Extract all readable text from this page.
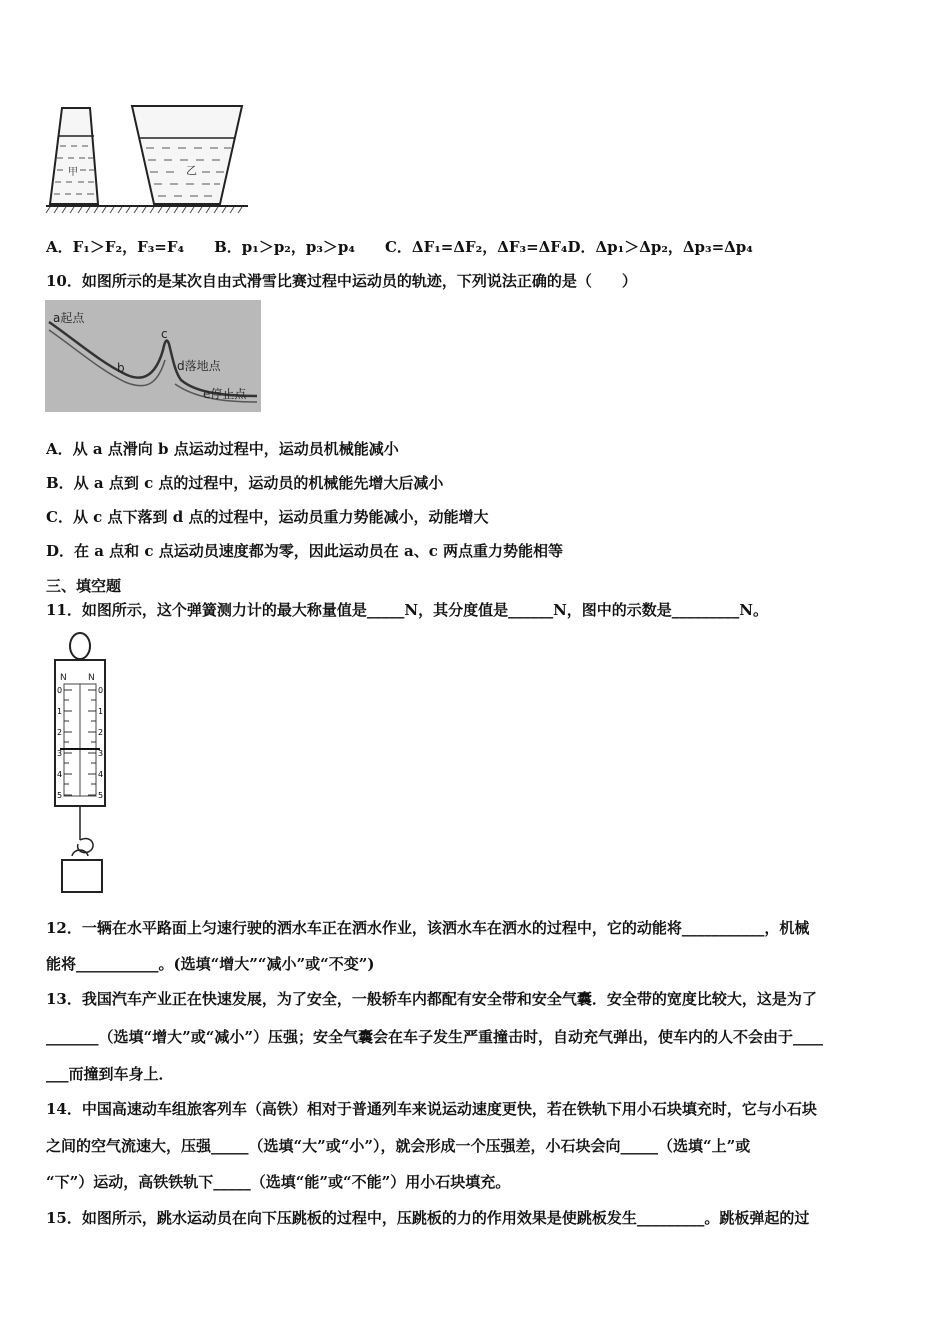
甲	乙
A．F₁＞F₂，F₃=F₄　　B．p₁＞p₂，p₃＞p₄　　C．ΔF₁=ΔF₂，ΔF₃=ΔF₄D．Δp₁＞Δp₂，Δp₃=Δp₄
10．如图所示的是某次自由式滑雪比赛过程中运动员的轨迹，下列说法正确的是（　　）
a起点
b
c
d落地点
e停止点
A．从 a 点滑向 b 点运动过程中，运动员机械能减小
B．从 a 点到 c 点的过程中，运动员的机械能先增大后减小
C．从 c 点下落到 d 点的过程中，运动员重力势能减小，动能增大
D．在 a 点和 c 点运动员速度都为零，因此运动员在 a、c 两点重力势能相等
三、填空题
11．如图所示，这个弹簧测力计的最大称量值是_____N，其分度值是______N，图中的示数是_________N。
N N
0
1
2
3
4
5
0
1
2
3
4
5
12．一辆在水平路面上匀速行驶的洒水车正在洒水作业，该洒水车在洒水的过程中，它的动能将___________，机械
能将___________。(选填“增大”“减小”或“不变”)
13．我国汽车产业正在快速发展，为了安全，一般轿车内都配有安全带和安全气囊．安全带的宽度比较大，这是为了
_______（选填“增大”或“减小”）压强；安全气囊会在车子发生严重撞击时，自动充气弹出，使车内的人不会由于____
___而撞到车身上．
14．中国高速动车组旅客列车（高铁）相对于普通列车来说运动速度更快，若在铁轨下用小石块填充时，它与小石块
之间的空气流速大，压强_____（选填“大”或“小”），就会形成一个压强差，小石块会向_____（选填“上”或
“下”）运动，高铁铁轨下_____（选填“能”或“不能”）用小石块填充。
15．如图所示，跳水运动员在向下压跳板的过程中，压跳板的力的作用效果是使跳板发生_________。跳板弹起的过
